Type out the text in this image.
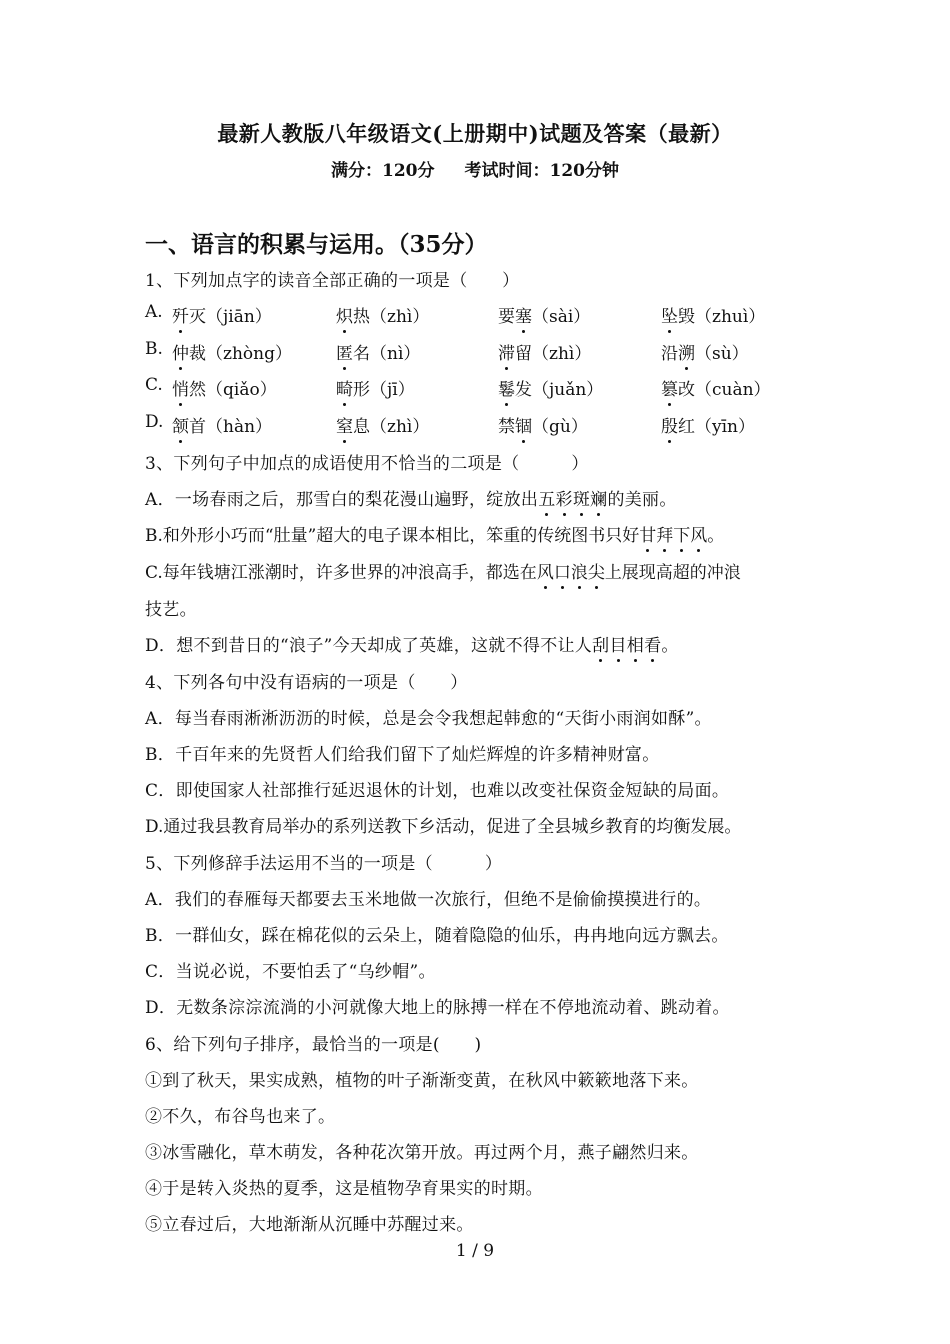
最新人教版八年级语文(上册期中)试题及答案（最新）
满分：120分 考试时间：120分钟
一、语言的积累与运用。（35分）
1、下列加点字的读音全部正确的一项是（　　）
A. 歼灭（jiān）	炽热（zhì）	要塞（sài）	坠毁（zhuì）
B. 仲裁（zhòng）	匿名（nì）	滞留（zhì）	沿溯（sù）
C. 悄然（qiǎo）	畸形（jī）	鬈发（juǎn）	篡改（cuàn）
D. 颔首（hàn）	窒息（zhì）	禁锢（gù）	殷红（yīn）
3、下列句子中加点的成语使用不恰当的二项是（　　　）
A．一场春雨之后，那雪白的梨花漫山遍野，绽放出五彩斑斓的美丽。
B.和外形小巧而“肚量”超大的电子课本相比，笨重的传统图书只好甘拜下风。
C.每年钱塘江涨潮时，许多世界的冲浪高手，都选在风口浪尖上展现高超的冲浪
技艺。
D．想不到昔日的“浪子”今天却成了英雄，这就不得不让人刮目相看。
4、下列各句中没有语病的一项是（　　）
A．每当春雨淅淅沥沥的时候，总是会令我想起韩愈的“天街小雨润如酥”。
B．千百年来的先贤哲人们给我们留下了灿烂辉煌的许多精神财富。
C．即使国家人社部推行延迟退休的计划，也难以改变社保资金短缺的局面。
D.通过我县教育局举办的系列送教下乡活动，促进了全县城乡教育的均衡发展。
5、下列修辞手法运用不当的一项是（　　　）
A．我们的春雁每天都要去玉米地做一次旅行，但绝不是偷偷摸摸进行的。
B．一群仙女，踩在棉花似的云朵上，随着隐隐的仙乐，冉冉地向远方飘去。
C．当说必说，不要怕丢了“乌纱帽”。
D．无数条淙淙流淌的小河就像大地上的脉搏一样在不停地流动着、跳动着。
6、给下列句子排序，最恰当的一项是(　　)
①到了秋天，果实成熟，植物的叶子渐渐变黄，在秋风中簌簌地落下来。
②不久，布谷鸟也来了。
③冰雪融化，草木萌发，各种花次第开放。再过两个月，燕子翩然归来。
④于是转入炎热的夏季，这是植物孕育果实的时期。
⑤立春过后，大地渐渐从沉睡中苏醒过来。
1 / 9
